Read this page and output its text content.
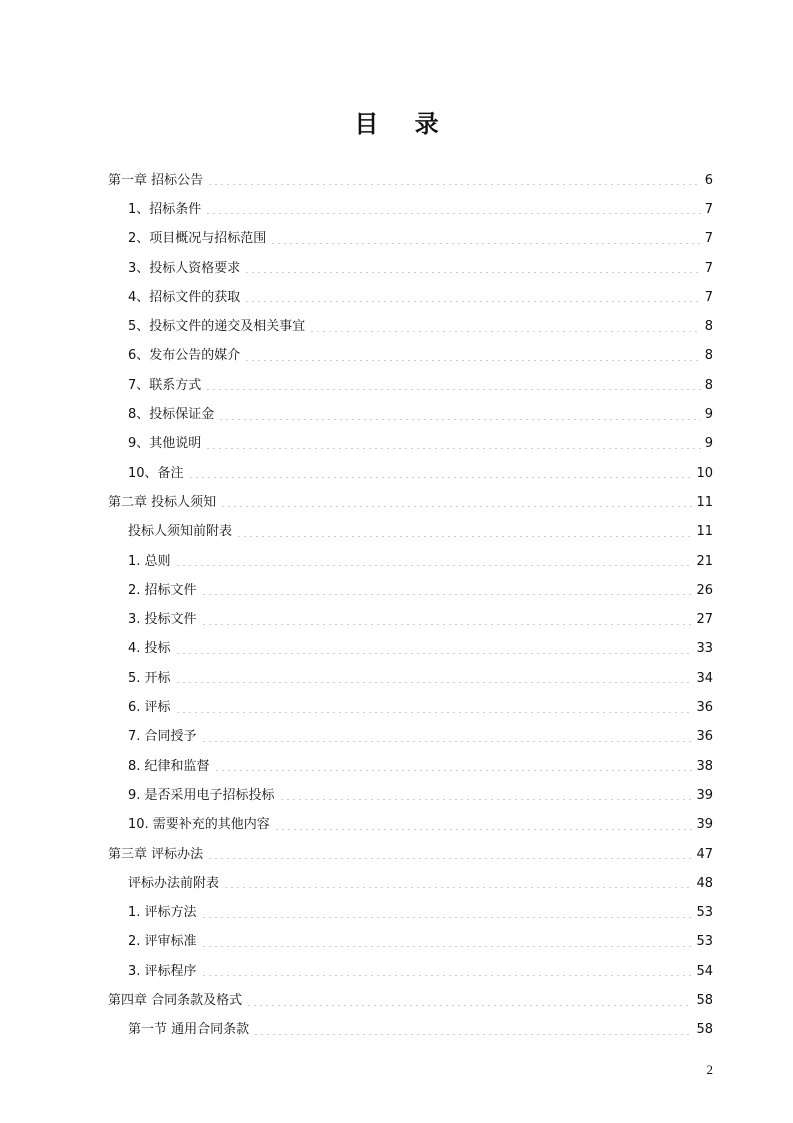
目 录
第一章 招标公告	6
1、招标条件	7
2、项目概况与招标范围	7
3、投标人资格要求	7
4、招标文件的获取	7
5、投标文件的递交及相关事宜	8
6、发布公告的媒介	8
7、联系方式	8
8、投标保证金	9
9、其他说明	9
10、备注	10
第二章 投标人须知	11
投标人须知前附表	11
1. 总则	21
2. 招标文件	26
3. 投标文件	27
4. 投标	33
5. 开标	34
6. 评标	36
7. 合同授予	36
8. 纪律和监督	38
9. 是否采用电子招标投标	39
10. 需要补充的其他内容	39
第三章 评标办法	47
评标办法前附表	48
1. 评标方法	53
2. 评审标准	53
3. 评标程序	54
第四章 合同条款及格式	58
第一节 通用合同条款	58
2
